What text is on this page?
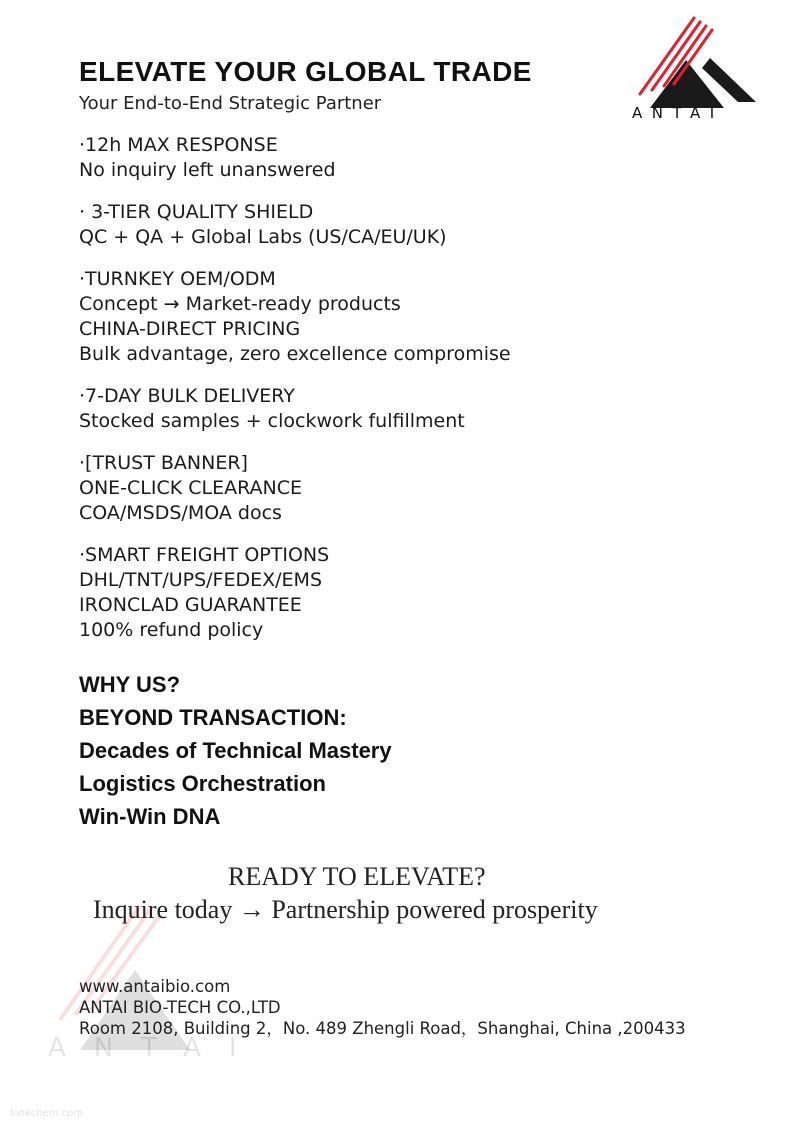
ELEVATE YOUR GLOBAL TRADE
Your End-to-End Strategic Partner	ANTAI
·12h MAX RESPONSE
No inquiry left unanswered
· 3-TIER QUALITY SHIELD
QC + QA + Global Labs (US/CA/EU/UK)
·TURNKEY OEM/ODM
Concept → Market-ready products
CHINA-DIRECT PRICING
Bulk advantage, zero excellence compromise
·7-DAY BULK DELIVERY
Stocked samples + clockwork fulfillment
·[TRUST BANNER]
ONE-CLICK CLEARANCE
COA/MSDS/MOA docs
·SMART FREIGHT OPTIONS
DHL/TNT/UPS/FEDEX/EMS
IRONCLAD GUARANTEE
100% refund policy
WHY US?
BEYOND TRANSACTION:
Decades of Technical Mastery
Logistics Orchestration
Win-Win DNA
READY TO ELEVATE?
Inquire today → Partnership powered prosperity
ANTAI
www.antaibio.com
ANTAI BIO-TECH CO.,LTD
Room 2108, Building 2，No. 489 Zhengli Road，Shanghai, China ,200433
lookchem.com
